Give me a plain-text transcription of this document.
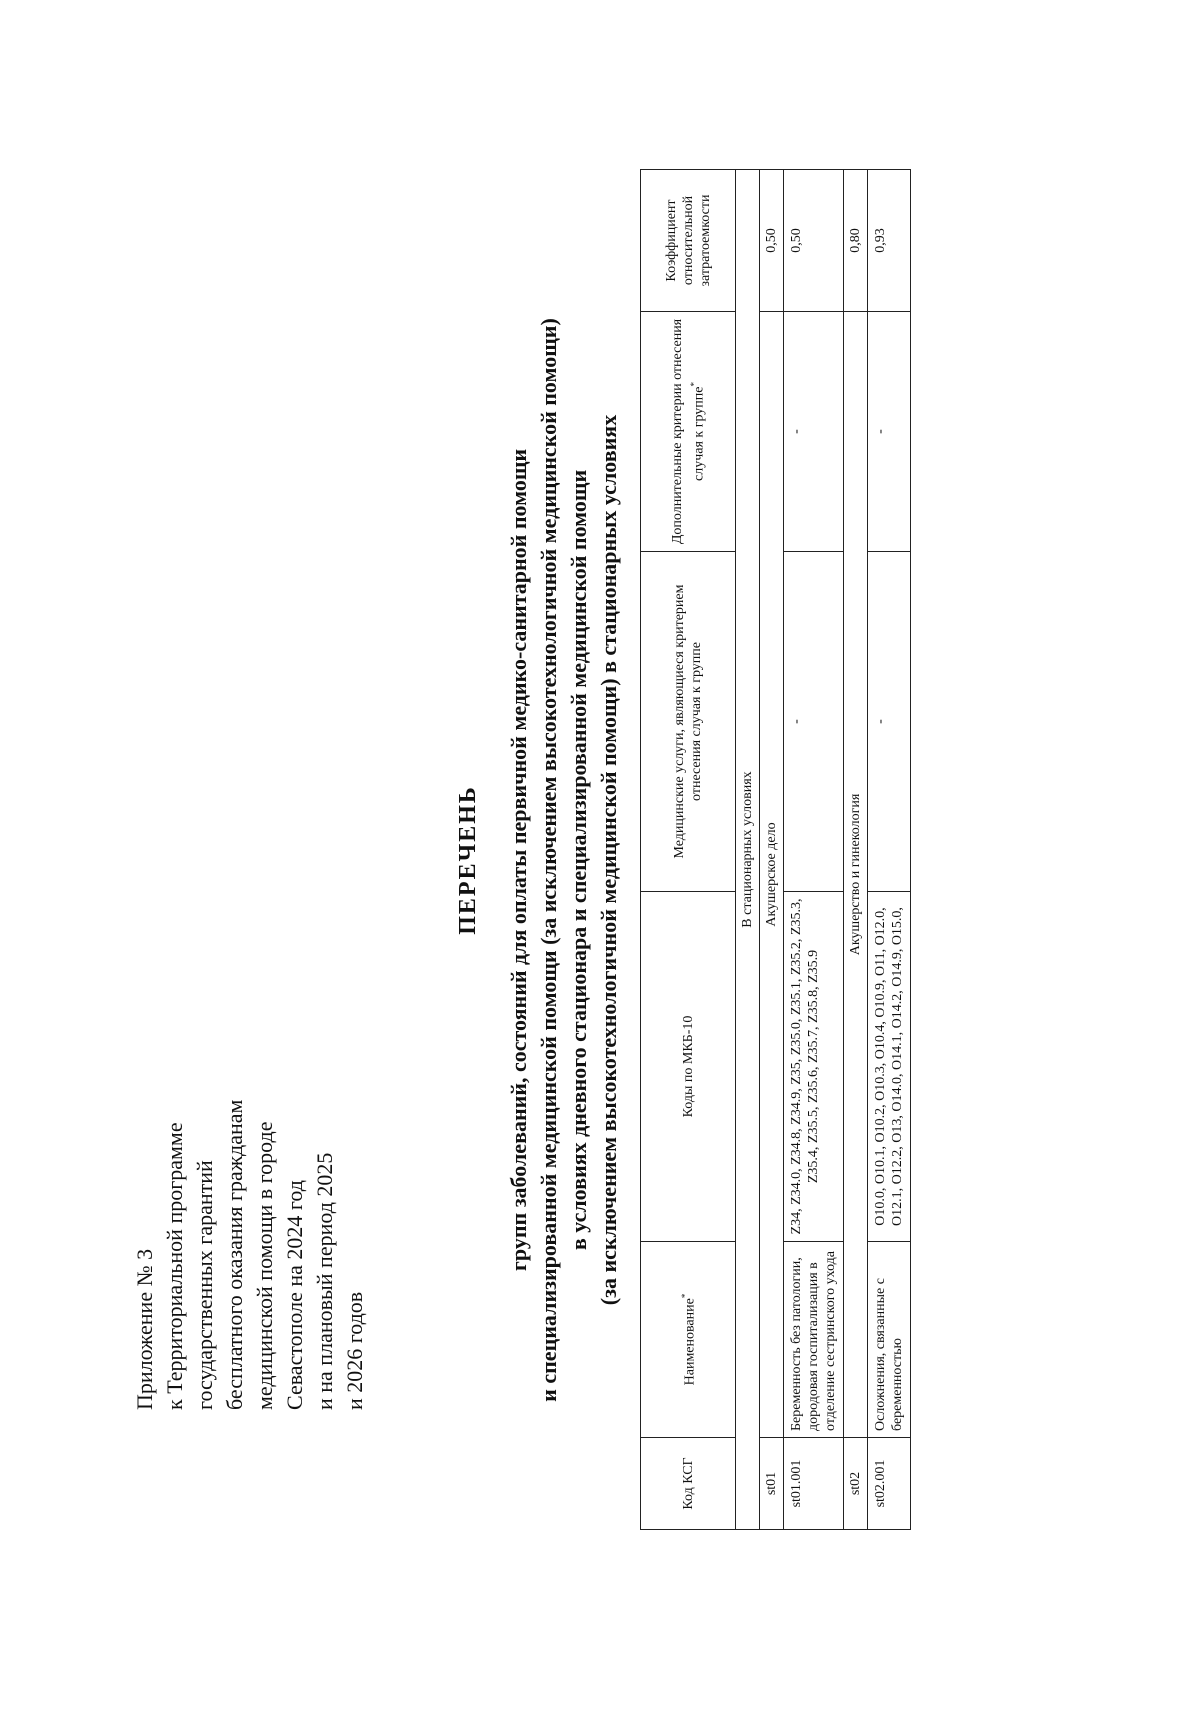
Приложение № 3 к Территориальной программе государственных гарантий бесплатного оказания гражданам медицинской помощи в городе Севастополе на 2024 год и на плановый период 2025 и 2026 годов
ПЕРЕЧЕНЬ групп заболеваний, состояний для оплаты первичной медико-санитарной помощи и специализированной медицинской помощи (за исключением высокотехнологичной медицинской помощи) в условиях дневного стационара и специализированной медицинской помощи (за исключением высокотехнологичной медицинской помощи) в стационарных условиях
Код КСГ	Наименование*	Коды по МКБ-10	Медицинские услуги, являющиеся критерием отнесения случая к группе	Дополнительные критерии отнесения случая к группе*	Коэффициент относительной затратоемкости
В стационарных условиях					
st01	Акушерское дело				0,50
st01.001	Беременность без патологии, дородовая госпитализация в отделение сестринского ухода	Z34, Z34.0, Z34.8, Z34.9, Z35, Z35.0, Z35.1, Z35.2, Z35.3, Z35.4, Z35.5, Z35.6, Z35.7, Z35.8, Z35.9	-	-	0,50
st02	Акушерство и гинекология				0,80
st02.001	Осложнения, связанные с беременностью	O10.0, O10.1, O10.2, O10.3, O10.4, O10.9, O11, O12.0, O12.1, O12.2, O13, O14.0, O14.1, O14.2, O14.9, O15.0,	-	-	0,93
